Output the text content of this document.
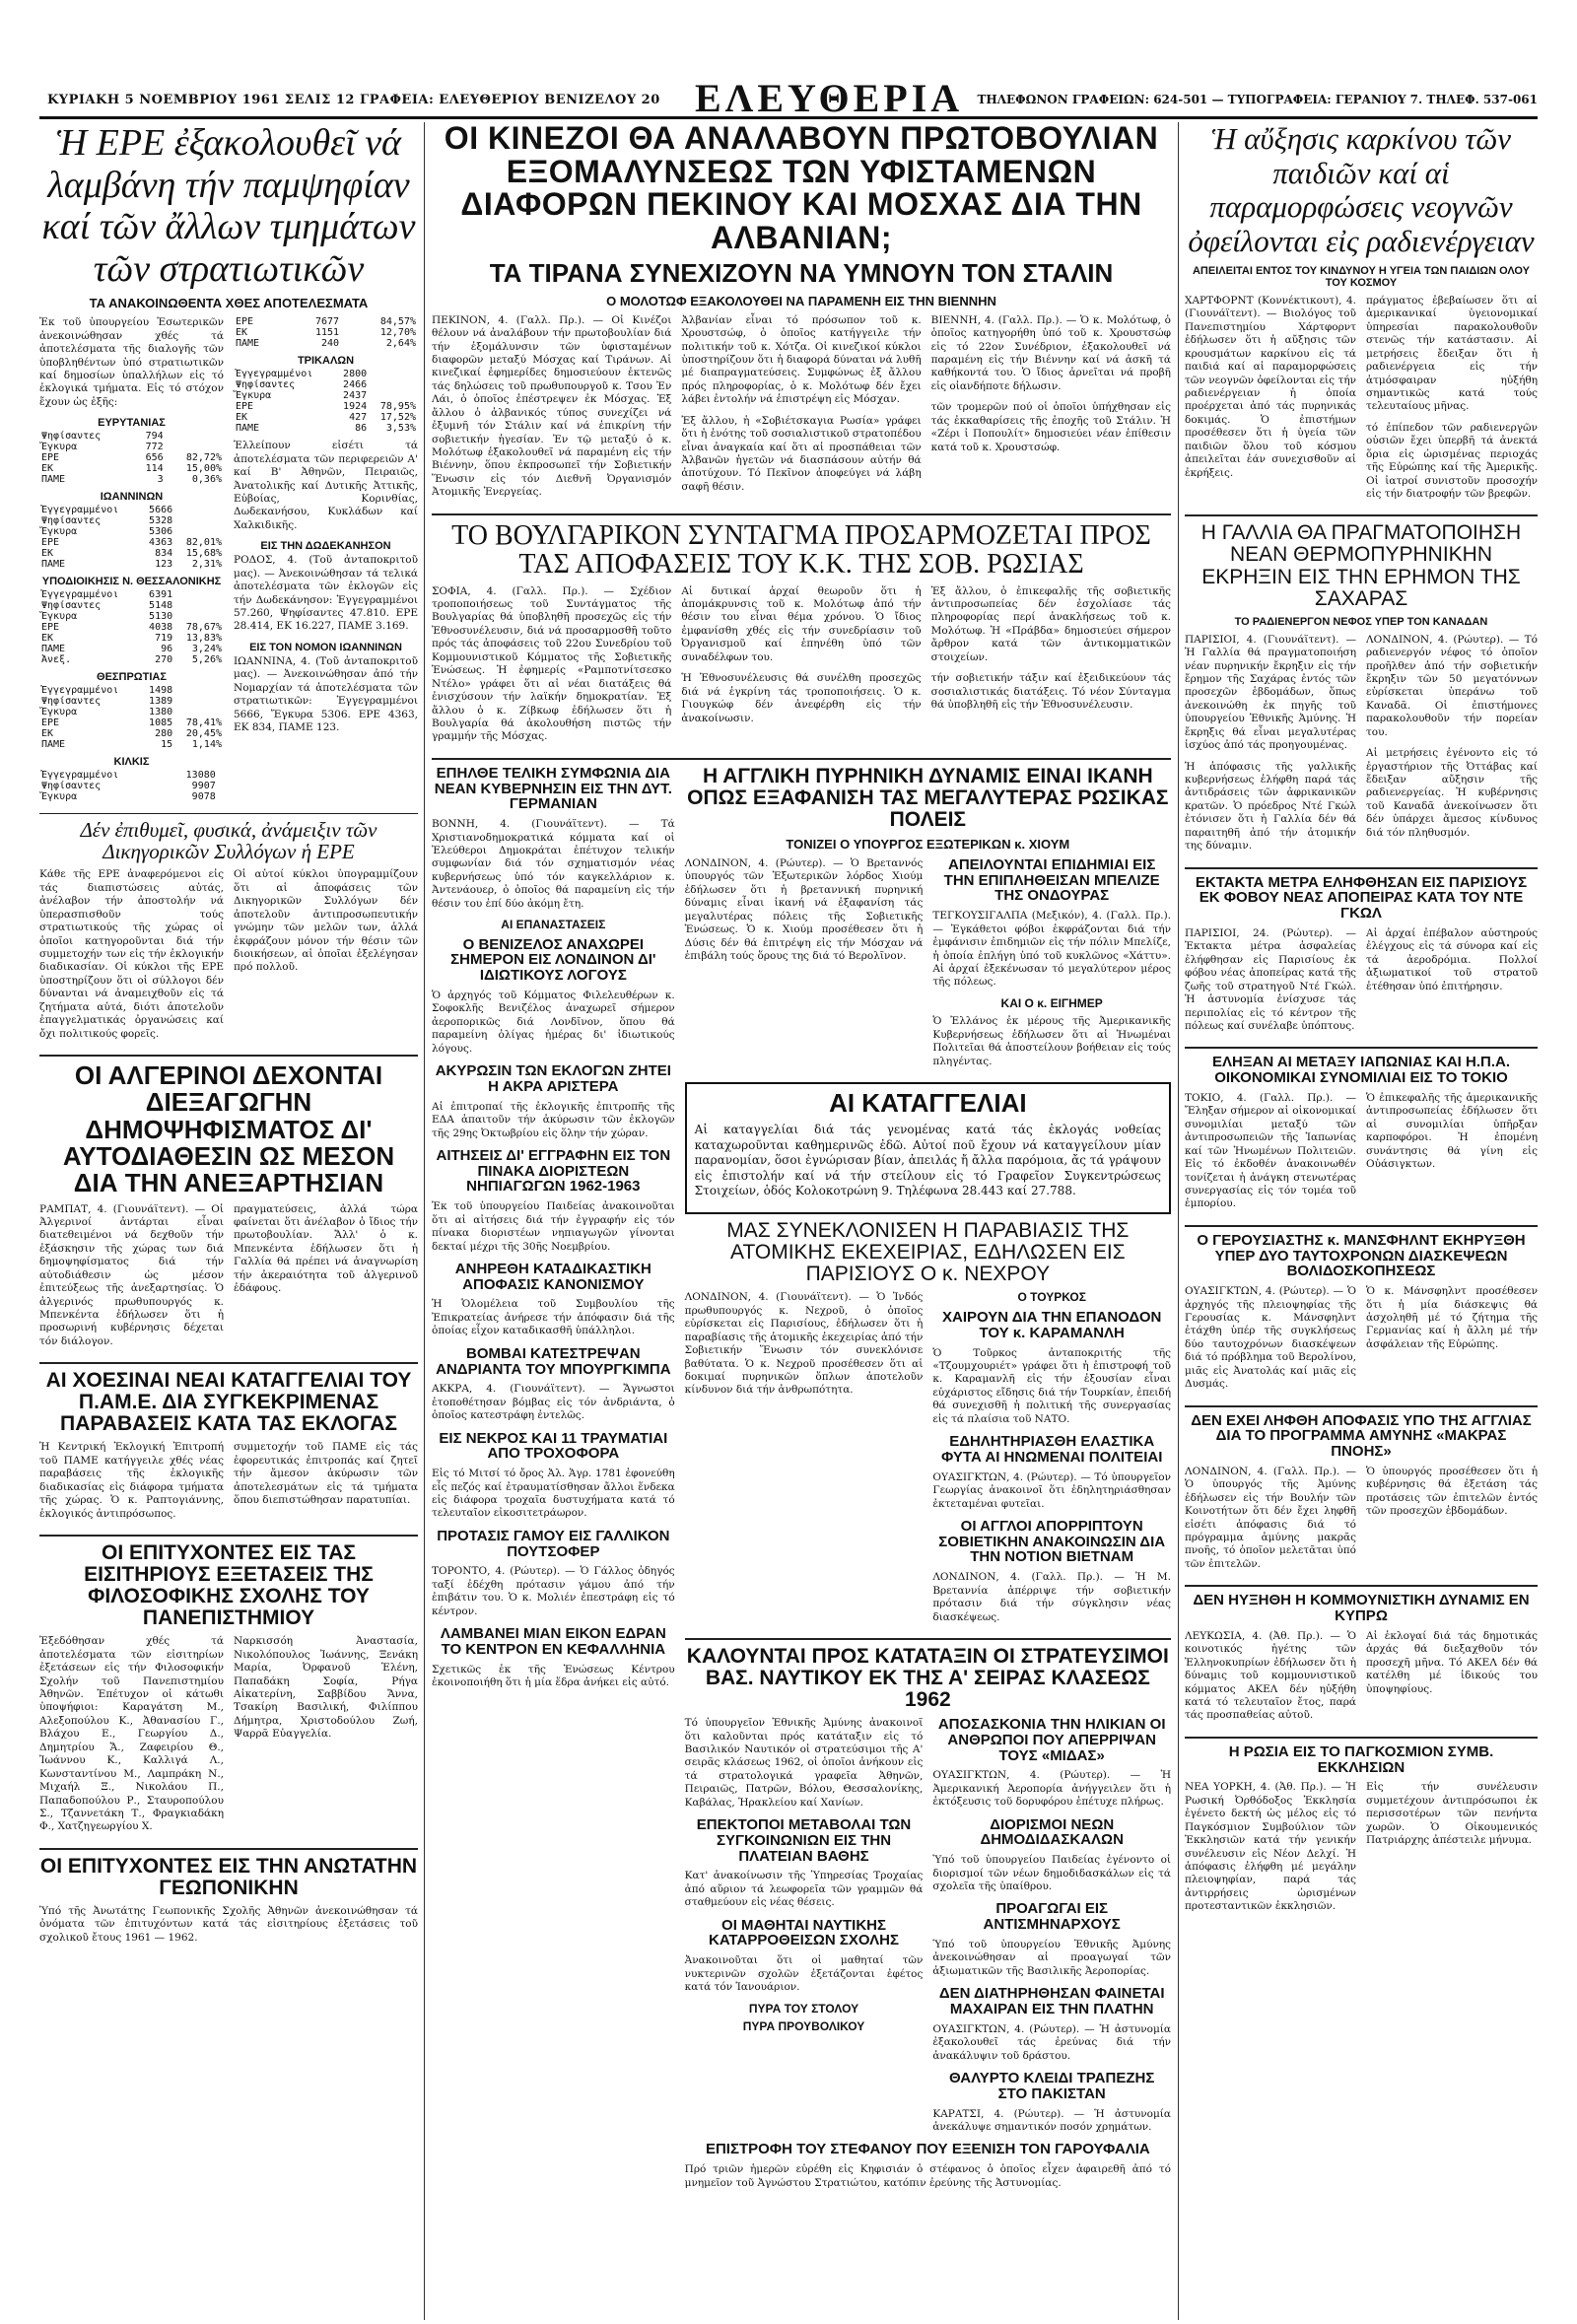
ΚΥΡΙΑΚΗ 5 ΝΟΕΜΒΡΙΟΥ 1961 ΣΕΛΙΣ 12 ΓΡΑΦΕΙΑ: ΕΛΕΥΘΕΡΙΟΥ ΒΕΝΙΖΕΛΟΥ 20 ΕΛΕΥΘΕΡΙΑ ΤΗΛΕΦΩΝΟΝ ΓΡΑΦΕΙΩΝ: 624-501 — ΤΥΠΟΓΡΑΦΕΙΑ: ΓΕΡΑΝΙΟΥ 7. ΤΗΛΕΦ. 537-061
Ἡ ΕΡΕ ἐξακολουθεῖ νά λαμβάνη τήν παμψηφίαν καί τῶν ἄλλων τμημάτων τῶν στρατιωτικῶν
ΤΑ ΑΝΑΚΟΙΝΩΘΕΝΤΑ ΧΘΕΣ ΑΠΟΤΕΛΕΣΜΑΤΑ

Ἐκ τοῦ ὑπουργείου Ἐσωτερικῶν ἀνεκοινώθησαν χθές τά ἀποτελέσματα τῆς διαλογῆς τῶν ὑποβληθέντων ὑπό στρατιωτικῶν καί δημοσίων ὑπαλλήλων εἰς τό ἐκλογικά τμήματα. Εἰς τό στόχον ἔχουν ὡς ἑξῆς:

ΕΥΡΥΤΑΝΙΑΣ
Ψηφίσαντες	794	
Ἔγκυρα	772	
ΕΡΕ	656	82,72%
ΕΚ	114	15,00%
ΠΑΜΕ	3	0,36%
ΙΩΑΝΝΙΝΩΝ
Ἐγγεγραμμένοι	5666	
Ψηφίσαντες	5328	
Ἔγκυρα	5306	
ΕΡΕ	4363	82,01%
ΕΚ	834	15,68%
ΠΑΜΕ	123	2,31%
ΥΠΟΔΙΟΙΚΗΣΙΣ Ν. ΘΕΣΣΑΛΟΝΙΚΗΣ
Ἐγγεγραμμένοι	6391	
Ψηφίσαντες	5148	
Ἔγκυρα	5130	
ΕΡΕ	4038	78,67%
ΕΚ	719	13,83%
ΠΑΜΕ	96	3,24%
Ἀνεξ.	270	5,26%
ΘΕΣΠΡΩΤΙΑΣ
Ἐγγεγραμμένοι	1498	
Ψηφίσαντες	1389	
Ἔγκυρα	1380	
ΕΡΕ	1085	78,41%
ΕΚ	280	20,45%
ΠΑΜΕ	15	1,14%
ΚΙΛΚΙΣ
Ἐγγεγραμμένοι	13080	
Ψηφίσαντες	9907	
Ἔγκυρα	9078	
ΕΡΕ	7677	84,57%
ΕΚ	1151	12,70%
ΠΑΜΕ	240	2,64%
ΤΡΙΚΑΛΩΝ
Ἐγγεγραμμένοι	2800	
Ψηφίσαντες	2466	
Ἔγκυρα	2437	
ΕΡΕ	1924	78,95%
ΕΚ	427	17,52%
ΠΑΜΕ	86	3,53%

Ἐλλείπουν εἰσέτι τά ἀποτελέσματα τῶν περιφερειῶν Α' καί Β' Ἀθηνῶν, Πειραιῶς, Ἀνατολικῆς καί Δυτικῆς Ἀττικῆς, Εὐβοίας, Κορινθίας, Δωδεκανήσου, Κυκλάδων καί Χαλκιδικῆς.

ΕΙΣ ΤΗΝ ΔΩΔΕΚΑΝΗΣΟΝ

ΡΟΔΟΣ, 4. (Τοῦ ἀνταποκριτοῦ μας). — Ἀνεκοινώθησαν τά τελικά ἀποτελέσματα τῶν ἐκλογῶν εἰς τήν Δωδεκάνησον: Ἐγγεγραμμένοι 57.260, Ψηφίσαντες 47.810. ΕΡΕ 28.414, ΕΚ 16.227, ΠΑΜΕ 3.169.

ΕΙΣ ΤΟΝ ΝΟΜΟΝ ΙΩΑΝΝΙΝΩΝ

ΙΩΑΝΝΙΝΑ, 4. (Τοῦ ἀνταποκριτοῦ μας). — Ἀνεκοινώθησαν ἀπό τήν Νομαρχίαν τά ἀποτελέσματα τῶν στρατιωτικῶν: Ἐγγεγραμμένοι 5666, Ἔγκυρα 5306. ΕΡΕ 4363, ΕΚ 834, ΠΑΜΕ 123.

Δέν ἐπιθυμεῖ, φυσικά, ἀνάμειξιν τῶν Δικηγορικῶν Συλλόγων ἡ ΕΡΕ

Κάθε τῆς ΕΡΕ ἀναφερόμενοι εἰς τάς διαπιστώσεις αὐτάς, ἀνέλαβον τήν ἀποστολήν νά ὑπερασπισθοῦν τούς στρατιωτικούς τῆς χώρας οἱ ὁποῖοι κατηγοροῦνται διά τήν συμμετοχήν των εἰς τήν ἐκλογικήν διαδικασίαν. Οἱ κύκλοι τῆς ΕΡΕ ὑποστηρίζουν ὅτι οἱ σύλλογοι δέν δύνανται νά ἀναμειχθοῦν εἰς τά ζητήματα αὐτά, διότι ἀποτελοῦν ἐπαγγελματικάς ὀργανώσεις καί ὄχι πολιτικούς φορεῖς.

Οἱ αὐτοί κύκλοι ὑπογραμμίζουν ὅτι αἱ ἀποφάσεις τῶν Δικηγορικῶν Συλλόγων δέν ἀποτελοῦν ἀντιπροσωπευτικήν γνώμην τῶν μελῶν των, ἀλλά ἐκφράζουν μόνον τήν θέσιν τῶν διοικήσεων, αἱ ὁποῖαι ἐξελέγησαν πρό πολλοῦ.

ΟΙ ΑΛΓΕΡΙΝΟΙ ΔΕΧΟΝΤΑΙ ΔΙΕΞΑΓΩΓΗΝ ΔΗΜΟΨΗΦΙΣΜΑΤΟΣ ΔΙ' ΑΥΤΟΔΙΑΘΕΣΙΝ ΩΣ ΜΕΣΟΝ ΔΙΑ ΤΗΝ ΑΝΕΞΑΡΤΗΣΙΑΝ

ΡΑΜΠΑΤ, 4. (Γιουνάϊτεντ). — Οἱ Ἀλγερινοί ἀντάρται εἶναι διατεθειμένοι νά δεχθοῦν τήν ἐξάσκησιν τῆς χώρας των διά δημοψηφίσματος διά τήν αὐτοδιάθεσιν ὡς μέσον ἐπιτεύξεως τῆς ἀνεξαρτησίας. Ὁ ἀλγερινός πρωθυπουργός κ. Μπενκέντα ἐδήλωσεν ὅτι ἡ προσωρινή κυβέρνησις δέχεται τόν διάλογον.

πραγματεύσεις, ἀλλά τώρα φαίνεται ὅτι ἀνέλαβον ὁ ἴδιος τήν πρωτοβουλίαν. Ἄλλ' ὁ κ. Μπενκέντα ἐδήλωσεν ὅτι ἡ Γαλλία θά πρέπει νά ἀναγνωρίση τήν ἀκεραιότητα τοῦ ἀλγερινοῦ ἐδάφους.

ΑΙ ΧΟΕΣΙΝΑΙ ΝΕΑΙ ΚΑΤΑΓΓΕΛΙΑΙ ΤΟΥ Π.ΑΜ.Ε. ΔΙΑ ΣΥΓΚΕΚΡΙΜΕΝΑΣ ΠΑΡΑΒΑΣΕΙΣ ΚΑΤΑ ΤΑΣ ΕΚΛΟΓΑΣ

Ἡ Κεντρική Ἐκλογική Ἐπιτροπή τοῦ ΠΑΜΕ κατήγγειλε χθές νέας παραβάσεις τῆς ἐκλογικῆς διαδικασίας εἰς διάφορα τμήματα τῆς χώρας. Ὁ κ. Ραπτογιάννης, ἐκλογικός ἀντιπρόσωπος.

συμμετοχήν τοῦ ΠΑΜΕ εἰς τάς ἐφορευτικάς ἐπιτροπάς καί ζητεῖ τήν ἄμεσον ἀκύρωσιν τῶν ἀποτελεσμάτων εἰς τά τμήματα ὅπου διεπιστώθησαν παρατυπίαι.

ΟΙ ΕΠΙΤΥΧΟΝΤΕΣ ΕΙΣ ΤΑΣ ΕΙΣΙΤΗΡΙΟΥΣ ΕΞΕΤΑΣΕΙΣ ΤΗΣ ΦΙΛΟΣΟΦΙΚΗΣ ΣΧΟΛΗΣ ΤΟΥ ΠΑΝΕΠΙΣΤΗΜΙΟΥ

Ἐξεδόθησαν χθές τά ἀποτελέσματα τῶν εἰσιτηρίων ἐξετάσεων εἰς τήν Φιλοσοφικήν Σχολήν τοῦ Πανεπιστημίου Ἀθηνῶν. Ἐπέτυχον οἱ κάτωθι ὑποψήφιοι: Καραγάτση Μ., Αλεξοπούλου Κ., Ἀθανασίου Γ., Βλάχου Ε., Γεωργίου Δ., Δημητρίου Ἄ., Ζαφειρίου Θ., Ἰωάννου Κ., Καλλιγά Λ., Κωνσταντίνου Μ., Λαμπράκη Ν., Μιχαήλ Ξ., Νικολάου Π., Παπαδοπούλου Ρ., Σταυροπούλου Σ., Τζαννετάκη Τ., Φραγκιαδάκη Φ., Χατζηγεωργίου Χ.

Ναρκισσόη Ἀναστασία, Νικολόπουλος Ἰωάννης, Ξενάκη Μαρία, Ὀρφανοῦ Ἑλένη, Παπαδάκη Σοφία, Ρήγα Αἰκατερίνη, Σαββίδου Ἄννα, Τσακίρη Βασιλική, Φιλίππου Δήμητρα, Χριστοδούλου Ζωή, Ψαρρᾶ Εὐαγγελία.

ΟΙ ΕΠΙΤΥΧΟΝΤΕΣ ΕΙΣ ΤΗΝ ΑΝΩΤΑΤΗΝ ΓΕΩΠΟΝΙΚΗΝ

Ὑπό τῆς Ἀνωτάτης Γεωπονικῆς Σχολῆς Ἀθηνῶν ἀνεκοινώθησαν τά ὀνόματα τῶν ἐπιτυχόντων κατά τάς εἰσιτηρίους ἐξετάσεις τοῦ σχολικοῦ ἔτους 1961 — 1962.

ΟΙ ΚΙΝΕΖΟΙ ΘΑ ΑΝΑΛΑΒΟΥΝ ΠΡΩΤΟΒΟΥΛΙΑΝ ΕΞΟΜΑΛΥΝΣΕΩΣ ΤΩΝ ΥΦΙΣΤΑΜΕΝΩΝ ΔΙΑΦΟΡΩΝ ΠΕΚΙΝΟΥ ΚΑΙ ΜΟΣΧΑΣ ΔΙΑ ΤΗΝ ΑΛΒΑΝΙΑΝ;
ΤΑ ΤΙΡΑΝΑ ΣΥΝΕΧΙΖΟΥΝ ΝΑ ΥΜΝΟΥΝ ΤΟΝ ΣΤΑΛΙΝ
Ο ΜΟΛΟΤΩΦ ΕΞΑΚΟΛΟΥΘΕΙ ΝΑ ΠΑΡΑΜΕΝΗ ΕΙΣ ΤΗΝ ΒΙΕΝΝΗΝ

ΠΕΚΙΝΟΝ, 4. (Γαλλ. Πρ.). — Οἱ Κινέζοι θέλουν νά ἀναλάβουν τήν πρωτοβουλίαν διά τήν ἐξομάλυνσιν τῶν ὑφισταμένων διαφορῶν μεταξύ Μόσχας καί Τιράνων. Αἱ κινεζικαί ἐφημερίδες δημοσιεύουν ἐκτενῶς τάς δηλώσεις τοῦ πρωθυπουργοῦ κ. Τσου Ἐν Λάι, ὁ ὁποῖος ἐπέστρεψεν ἐκ Μόσχας. Ἐξ ἄλλου ὁ ἀλβανικός τύπος συνεχίζει νά ἐξυμνῆ τόν Στάλιν καί νά ἐπικρίνη τήν σοβιετικήν ἡγεσίαν. Ἐν τῷ μεταξύ ὁ κ. Μολότωφ ἐξακολουθεῖ νά παραμένη εἰς τήν Βιέννην, ὅπου ἐκπροσωπεῖ τήν Σοβιετικήν Ἕνωσιν εἰς τόν Διεθνῆ Ὀργανισμόν Ἀτομικῆς Ἐνεργείας.

Ἀλβανίαν εἶναι τό πρόσωπον τοῦ κ. Χρουστσώφ, ὁ ὁποῖος κατήγγειλε τήν πολιτικήν τοῦ κ. Χότζα. Οἱ κινεζικοί κύκλοι ὑποστηρίζουν ὅτι ἡ διαφορά δύναται νά λυθῆ μέ διαπραγματεύσεις. Συμφώνως ἐξ ἄλλου πρός πληροφορίας, ὁ κ. Μολότωφ δέν ἔχει λάβει ἐντολήν νά ἐπιστρέψη εἰς Μόσχαν.

Ἐξ ἄλλου, ἡ «Σοβιέτσκαγια Ρωσία» γράφει ὅτι ἡ ἑνότης τοῦ σοσιαλιστικοῦ στρατοπέδου εἶναι ἀναγκαία καί ὅτι αἱ προσπάθειαι τῶν Ἀλβανῶν ἡγετῶν νά διασπάσουν αὐτήν θά ἀποτύχουν. Τό Πεκῖνον ἀποφεύγει νά λάβη σαφῆ θέσιν.

ΒΙΕΝΝΗ, 4. (Γαλλ. Πρ.). — Ὁ κ. Μολότωφ, ὁ ὁποῖος κατηγορήθη ὑπό τοῦ κ. Χρουστσώφ εἰς τό 22ον Συνέδριον, ἐξακολουθεῖ νά παραμένη εἰς τήν Βιέννην καί νά ἀσκῆ τά καθήκοντά του. Ὁ ἴδιος ἀρνεῖται νά προβῆ εἰς οἱανδήποτε δήλωσιν.

τῶν τρομερῶν πού οἱ ὁποῖοι ὑπήχθησαν εἰς τάς ἐκκαθαρίσεις τῆς ἐποχῆς τοῦ Στάλιν. Ἡ «Ζέρι ἰ Ποπουλίτ» δημοσιεύει νέαν ἐπίθεσιν κατά τοῦ κ. Χρουστσώφ.

ΤΟ ΒΟΥΛΓΑΡΙΚΟΝ ΣΥΝΤΑΓΜΑ ΠΡΟΣΑΡΜΟΖΕΤΑΙ ΠΡΟΣ ΤΑΣ ΑΠΟΦΑΣΕΙΣ ΤΟΥ Κ.Κ. ΤΗΣ ΣΟΒ. ΡΩΣΙΑΣ

ΣΟΦΙΑ, 4. (Γαλλ. Πρ.). — Σχέδιον τροποποιήσεως τοῦ Συντάγματος τῆς Βουλγαρίας θά ὑποβληθῆ προσεχῶς εἰς τήν Ἐθνοσυνέλευσιν, διά νά προσαρμοσθῆ τοῦτο πρός τάς ἀποφάσεις τοῦ 22ου Συνεδρίου τοῦ Κομμουνιστικοῦ Κόμματος τῆς Σοβιετικῆς Ἑνώσεως. Ἡ ἐφημερίς «Ραμποτνίτσεσκο Ντέλο» γράφει ὅτι αἱ νέαι διατάξεις θά ἐνισχύσουν τήν λαϊκήν δημοκρατίαν. Ἐξ ἄλλου ὁ κ. Ζίβκωφ ἐδήλωσεν ὅτι ἡ Βουλγαρία θά ἀκολουθήση πιστῶς τήν γραμμήν τῆς Μόσχας.

Αἱ δυτικαί ἀρχαί θεωροῦν ὅτι ἡ ἀπομάκρυνσις τοῦ κ. Μολότωφ ἀπό τήν θέσιν του εἶναι θέμα χρόνου. Ὁ ἴδιος ἐμφανίσθη χθές εἰς τήν συνεδρίασιν τοῦ Ὀργανισμοῦ καί ἐπηνέθη ὑπό τῶν συναδέλφων του.

Ἡ Ἐθνοσυνέλευσις θά συνέλθη προσεχῶς διά νά ἐγκρίνη τάς τροποποιήσεις. Ὁ κ. Γιουγκώφ δέν ἀνεφέρθη εἰς τήν ἀνακοίνωσιν.

Ἐξ ἄλλου, ὁ ἐπικεφαλῆς τῆς σοβιετικῆς ἀντιπροσωπείας δέν ἐσχολίασε τάς πληροφορίας περί ἀνακλήσεως τοῦ κ. Μολότωφ. Ἡ «Πράβδα» δημοσιεύει σήμερον ἄρθρον κατά τῶν ἀντικομματικῶν στοιχείων.

τήν σοβιετικήν τάξιν καί ἐξειδικεύουν τάς σοσιαλιστικάς διατάξεις. Τό νέον Σύνταγμα θά ὑποβληθῆ εἰς τήν Ἐθνοσυνέλευσιν.

ΕΠΗΛΘΕ ΤΕΛΙΚΗ ΣΥΜΦΩΝΙΑ ΔΙΑ ΝΕΑΝ ΚΥΒΕΡΝΗΣΙΝ ΕΙΣ ΤΗΝ ΔΥΤ. ΓΕΡΜΑΝΙΑΝ

ΒΟΝΝΗ, 4. (Γιουνάϊτεντ). — Τά Χριστιανοδημοκρατικά κόμματα καί οἱ Ἐλεύθεροι Δημοκράται ἐπέτυχον τελικήν συμφωνίαν διά τόν σχηματισμόν νέας κυβερνήσεως ὑπό τόν καγκελλάριον κ. Ἀντενάουερ, ὁ ὁποῖος θά παραμείνη εἰς τήν θέσιν του ἐπί δύο ἀκόμη ἔτη.

ΑΙ ΕΠΑΝΑΣΤΑΣΕΙΣ
Ο ΒΕΝΙΖΕΛΟΣ ΑΝΑΧΩΡΕΙ ΣΗΜΕΡΟΝ ΕΙΣ ΛΟΝΔΙΝΟΝ ΔΙ' ΙΔΙΩΤΙΚΟΥΣ ΛΟΓΟΥΣ

Ὁ ἀρχηγός τοῦ Κόμματος Φιλελευθέρων κ. Σοφοκλῆς Βενιζέλος ἀναχωρεῖ σήμερον ἀεροπορικῶς διά Λονδῖνον, ὅπου θά παραμείνη ὀλίγας ἡμέρας δι' ἰδιωτικούς λόγους.

ΑΚΥΡΩΣΙΝ ΤΩΝ ΕΚΛΟΓΩΝ ΖΗΤΕΙ Η ΑΚΡΑ ΑΡΙΣΤΕΡΑ

Αἱ ἐπιτροπαί τῆς ἐκλογικῆς ἐπιτροπῆς τῆς ΕΔΑ ἀπαιτοῦν τήν ἀκύρωσιν τῶν ἐκλογῶν τῆς 29ης Ὀκτωβρίου εἰς ὅλην τήν χώραν.

ΑΙΤΗΣΕΙΣ ΔΙ' ΕΓΓΡΑΦΗΝ ΕΙΣ ΤΟΝ ΠΙΝΑΚΑ ΔΙΟΡΙΣΤΕΩΝ ΝΗΠΙΑΓΩΓΩΝ 1962-1963

Ἐκ τοῦ ὑπουργείου Παιδείας ἀνακοινοῦται ὅτι αἱ αἰτήσεις διά τήν ἐγγραφήν εἰς τόν πίνακα διοριστέων νηπιαγωγῶν γίνονται δεκταί μέχρι τῆς 30ῆς Νοεμβρίου.

ΑΝΗΡΕΘΗ ΚΑΤΑΔΙΚΑΣΤΙΚΗ ΑΠΟΦΑΣΙΣ ΚΑΝΟΝΙΣΜΟΥ

Ἡ Ὁλομέλεια τοῦ Συμβουλίου τῆς Ἐπικρατείας ἀνήρεσε τήν ἀπόφασιν διά τῆς ὁποίας εἶχον καταδικασθῆ ὑπάλληλοι.

ΒΟΜΒΑΙ ΚΑΤΕΣΤΡΕΨΑΝ ΑΝΔΡΙΑΝΤΑ ΤΟΥ ΜΠΟΥΡΓΚΙΜΠΑ

ΑΚΚΡΑ, 4. (Γιουνάϊτεντ). — Ἄγνωστοι ἐτοποθέτησαν βόμβας εἰς τόν ἀνδριάντα, ὁ ὁποῖος κατεστράφη ἐντελῶς.

ΕΙΣ ΝΕΚΡΟΣ ΚΑΙ 11 ΤΡΑΥΜΑΤΙΑΙ ΑΠΟ ΤΡΟΧΟΦΟΡΑ

Εἰς τό Μιτσί τό ὄρος Ἀλ. Ἁγρ. 1781 ἐφονεύθη εἷς πεζός καί ἐτραυματίσθησαν ἄλλοι ἕνδεκα εἰς διάφορα τροχαῖα δυστυχήματα κατά τό τελευταῖον εἰκοσιτετράωρον.

ΠΡΟΤΑΣΙΣ ΓΑΜΟΥ ΕΙΣ ΓΑΛΛΙΚΟΝ ΠΟΥΤΣΟΦΕΡ

ΤΟΡΟΝΤΟ, 4. (Ρώυτερ). — Ὁ Γάλλος ὁδηγός ταξί ἐδέχθη πρότασιν γάμου ἀπό τήν ἐπιβάτιν του. Ὁ κ. Μολιέν ἐπεστράφη εἰς τό κέντρον.

ΛΑΜΒΑΝΕΙ ΜΙΑΝ ΕΙΚΟΝ ΕΔΡΑΝ ΤΟ ΚΕΝΤΡΟΝ ΕΝ ΚΕΦΑΛΛΗΝΙΑ

Σχετικῶς ἐκ τῆς Ἑνώσεως Κέντρου ἐκοινοποιήθη ὅτι ἡ μία ἕδρα ἀνήκει εἰς αὐτό.

Η ΑΓΓΛΙΚΗ ΠΥΡΗΝΙΚΗ ΔΥΝΑΜΙΣ ΕΙΝΑΙ ΙΚΑΝΗ ΟΠΩΣ ΕΞΑΦΑΝΙΣΗ ΤΑΣ ΜΕΓΑΛΥΤΕΡΑΣ ΡΩΣΙΚΑΣ ΠΟΛΕΙΣ
ΤΟΝΙΖΕΙ Ο ΥΠΟΥΡΓΟΣ ΕΞΩΤΕΡΙΚΩΝ κ. ΧΙΟΥΜ

ΛΟΝΔΙΝΟΝ, 4. (Ρώυτερ). — Ὁ Βρεταννός ὑπουργός τῶν Ἐξωτερικῶν λόρδος Χιούμ ἐδήλωσεν ὅτι ἡ βρεταννική πυρηνική δύναμις εἶναι ἱκανή νά ἐξαφανίση τάς μεγαλυτέρας πόλεις τῆς Σοβιετικῆς Ἑνώσεως. Ὁ κ. Χιούμ προσέθεσεν ὅτι ἡ Δύσις δέν θά ἐπιτρέψη εἰς τήν Μόσχαν νά ἐπιβάλη τούς ὅρους της διά τό Βερολῖνον.

ΑΠΕΙΛΟΥΝΤΑΙ ΕΠΙΔΗΜΙΑΙ ΕΙΣ ΤΗΝ ΕΠΙΠΛΗΘΕΙΣΑΝ ΜΠΕΛΙΖΕ ΤΗΣ ΟΝΔΟΥΡΑΣ

ΤΕΓΚΟΥΣΙΓΑΛΠΑ (Μεξικόν), 4. (Γαλλ. Πρ.). — Ἐγκάθετοι φόβοι ἐκφράζονται διά τήν ἐμφάνισιν ἐπιδημιῶν εἰς τήν πόλιν Μπελίζε, ἡ ὁποία ἐπλήγη ὑπό τοῦ κυκλῶνος «Χάττυ». Αἱ ἀρχαί ἐξεκένωσαν τό μεγαλύτερον μέρος τῆς πόλεως.

ΚΑΙ Ο κ. ΕΙΓΗΜΕΡ

Ὁ Ἐλλάνος ἐκ μέρους τῆς Ἀμερικανικῆς Κυβερνήσεως ἐδήλωσεν ὅτι αἱ Ἡνωμέναι Πολιτεῖαι θά ἀποστείλουν βοήθειαν εἰς τούς πληγέντας.

ΑΙ ΚΑΤΑΓΓΕΛΙΑΙ

Αἱ καταγγελίαι διά τάς γενομένας κατά τάς ἐκλογάς νοθείας καταχωροῦνται καθημερινῶς ἐδῶ. Αὐτοί ποῦ ἔχουν νά καταγγείλουν μίαν παρανομίαν, ὅσοι ἐγνώρισαν βίαν, ἀπειλάς ἤ ἄλλα παρόμοια, ἄς τά γράψουν εἰς ἐπιστολήν καί νά τήν στείλουν εἰς τό Γραφεῖον Συγκεντρώσεως Στοιχείων, ὁδός Κολοκοτρώνη 9. Τηλέφωνα 28.443 καί 27.788.

ΜΑΣ ΣΥΝΕΚΛΟΝΙΣΕΝ Η ΠΑΡΑΒΙΑΣΙΣ ΤΗΣ ΑΤΟΜΙΚΗΣ ΕΚΕΧΕΙΡΙΑΣ, ΕΔΗΛΩΣΕΝ ΕΙΣ ΠΑΡΙΣΙΟΥΣ Ο κ. ΝΕΧΡΟΥ

ΛΟΝΔΙΝΟΝ, 4. (Γιουνάϊτεντ). — Ὁ Ἰνδός πρωθυπουργός κ. Νεχροῦ, ὁ ὁποῖος εὑρίσκεται εἰς Παρισίους, ἐδήλωσεν ὅτι ἡ παραβίασις τῆς ἀτομικῆς ἐκεχειρίας ἀπό τήν Σοβιετικήν Ἕνωσιν τόν συνεκλόνισε βαθύτατα. Ὁ κ. Νεχροῦ προσέθεσεν ὅτι αἱ δοκιμαί πυρηνικῶν ὅπλων ἀποτελοῦν κίνδυνον διά τήν ἀνθρωπότητα.

Ο ΤΟΥΡΚΟΣ
ΧΑΙΡΟΥΝ ΔΙΑ ΤΗΝ ΕΠΑΝΟΔΟΝ ΤΟΥ κ. ΚΑΡΑΜΑΝΛΗ

Ὁ Τοῦρκος ἀνταποκριτής τῆς «Τζουμχουριέτ» γράφει ὅτι ἡ ἐπιστροφή τοῦ κ. Καραμανλῆ εἰς τήν ἐξουσίαν εἶναι εὐχάριστος εἴδησις διά τήν Τουρκίαν, ἐπειδή θά συνεχισθῆ ἡ πολιτική τῆς συνεργασίας εἰς τά πλαίσια τοῦ ΝΑΤΟ.

ΕΔΗΛΗΤΗΡΙΑΣΘΗ ΕΛΑΣΤΙΚΑ ΦΥΤΑ ΑΙ ΗΝΩΜΕΝΑΙ ΠΟΛΙΤΕΙΑΙ

ΟΥΑΣΙΓΚΤΩΝ, 4. (Ρώυτερ). — Τό ὑπουργεῖον Γεωργίας ἀνακοινοῖ ὅτι ἐδηλητηριάσθησαν ἐκτεταμέναι φυτεῖαι.

ΟΙ ΑΓΓΛΟΙ ΑΠΟΡΡΙΠΤΟΥΝ ΣΟΒΙΕΤΙΚΗΝ ΑΝΑΚΟΙΝΩΣΙΝ ΔΙΑ ΤΗΝ ΝΟΤΙΟΝ ΒΙΕΤΝΑΜ

ΛΟΝΔΙΝΟΝ, 4. (Γαλλ. Πρ.). — Ἡ Μ. Βρεταννία ἀπέρριψε τήν σοβιετικήν πρότασιν διά τήν σύγκλησιν νέας διασκέψεως.

ΚΑΛΟΥΝΤΑΙ ΠΡΟΣ ΚΑΤΑΤΑΞΙΝ ΟΙ ΣΤΡΑΤΕΥΣΙΜΟΙ ΒΑΣ. ΝΑΥΤΙΚΟΥ ΕΚ ΤΗΣ Α' ΣΕΙΡΑΣ ΚΛΑΣΕΩΣ 1962

Τό ὑπουργεῖον Ἐθνικῆς Ἀμύνης ἀνακοινοῖ ὅτι καλοῦνται πρός κατάταξιν εἰς τό Βασιλικόν Ναυτικόν οἱ στρατεύσιμοι τῆς Α' σειρᾶς κλάσεως 1962, οἱ ὁποῖοι ἀνήκουν εἰς τά στρατολογικά γραφεῖα Ἀθηνῶν, Πειραιῶς, Πατρῶν, Βόλου, Θεσσαλονίκης, Καβάλας, Ἡρακλείου καί Χανίων.

ΕΠΕΚΤΟΠΟΙ ΜΕΤΑΒΟΛΑΙ ΤΩΝ ΣΥΓΚΟΙΝΩΝΙΩΝ ΕΙΣ ΤΗΝ ΠΛΑΤΕΙΑΝ ΒΑΘΗΣ

Κατ' ἀνακοίνωσιν τῆς Ὑπηρεσίας Τροχαίας ἀπό αὔριον τά λεωφορεῖα τῶν γραμμῶν θά σταθμεύουν εἰς νέας θέσεις.

ΟΙ ΜΑΘΗΤΑΙ ΝΑΥΤΙΚΗΣ ΚΑΤΑΡΡΟΘΕΙΣΩΝ ΣΧΟΛΗΣ

Ἀνακοινοῦται ὅτι οἱ μαθηταί τῶν νυκτερινῶν σχολῶν ἐξετάζονται ἐφέτος κατά τόν Ἰανουάριον.

ΠΥΡΑ ΤΟΥ ΣΤΟΛΟΥ
ΠΥΡΑ ΠΡΟΥΒΟΛΙΚΟΥ
ΑΠΟΣΑΣΚΟΝΙΑ ΤΗΝ ΗΛΙΚΙΑΝ ΟΙ ΑΝΘΡΩΠΟΙ ΠΟΥ ΑΠΕΡΡΙΨΑΝ ΤΟΥΣ «ΜΙΔΑΣ»

ΟΥΑΣΙΓΚΤΩΝ, 4. (Ρώυτερ). — Ἡ Ἀμερικανική Ἀεροπορία ἀνήγγειλεν ὅτι ἡ ἐκτόξευσις τοῦ δορυφόρου ἐπέτυχε πλήρως.

ΔΙΟΡΙΣΜΟΙ ΝΕΩΝ ΔΗΜΟΔΙΔΑΣΚΑΛΩΝ

Ὑπό τοῦ ὑπουργείου Παιδείας ἐγένοντο οἱ διορισμοί τῶν νέων δημοδιδασκάλων εἰς τά σχολεῖα τῆς ὑπαίθρου.

ΠΡΟΑΓΩΓΑΙ ΕΙΣ ΑΝΤΙΣΜΗΝΑΡΧΟΥΣ

Ὑπό τοῦ ὑπουργείου Ἐθνικῆς Ἀμύνης ἀνεκοινώθησαν αἱ προαγωγαί τῶν ἀξιωματικῶν τῆς Βασιλικῆς Ἀεροπορίας.

ΔΕΝ ΔΙΑΤΗΡΗΘΗΣΑΝ ΦΑΙΝΕΤΑΙ ΜΑΧΑΙΡΑΝ ΕΙΣ ΤΗΝ ΠΛΑΤΗΝ

ΟΥΑΣΙΓΚΤΩΝ, 4. (Ρώυτερ). — Ἡ ἀστυνομία ἐξακολουθεῖ τάς ἐρεύνας διά τήν ἀνακάλυψιν τοῦ δράστου.

ΘΑΛΥΡΤΟ ΚΛΕΙΔΙ ΤΡΑΠΕΖΗΣ ΣΤΟ ΠΑΚΙΣΤΑΝ

ΚΑΡΑΤΣΙ, 4. (Ρώυτερ). — Ἡ ἀστυνομία ἀνεκάλυψε σημαντικόν ποσόν χρημάτων.

ΕΠΙΣΤΡΟΦΗ ΤΟΥ ΣΤΕΦΑΝΟΥ ΠΟΥ ΕΞΕΝΙΣΗ ΤΟΝ ΓΑΡΟΥΦΑΛΙΑ

Πρό τριῶν ἡμερῶν εὑρέθη εἰς Κηφισιάν ὁ στέφανος ὁ ὁποῖος εἶχεν ἀφαιρεθῆ ἀπό τό μνημεῖον τοῦ Ἀγνώστου Στρατιώτου, κατόπιν ἐρεύνης τῆς Ἀστυνομίας.

Ἡ αὔξησις καρκίνου τῶν παιδιῶν καί αἱ παραμορφώσεις νεογνῶν ὀφείλονται εἰς ραδιενέργειαν
ΑΠΕΙΛΕΙΤΑΙ ΕΝΤΟΣ ΤΟΥ ΚΙΝΔΥΝΟΥ Η ΥΓΕΙΑ ΤΩΝ ΠΑΙΔΙΩΝ ΟΛΟΥ ΤΟΥ ΚΟΣΜΟΥ

ΧΑΡΤΦΟΡΝΤ (Κοννέκτικουτ), 4. (Γιουνάϊτεντ). — Βιολόγος τοῦ Πανεπιστημίου Χάρτφορντ ἐδήλωσεν ὅτι ἡ αὔξησις τῶν κρουσμάτων καρκίνου εἰς τά παιδιά καί αἱ παραμορφώσεις τῶν νεογνῶν ὀφείλονται εἰς τήν ραδιενέργειαν ἡ ὁποία προέρχεται ἀπό τάς πυρηνικάς δοκιμάς. Ὁ ἐπιστήμων προσέθεσεν ὅτι ἡ ὑγεία τῶν παιδιῶν ὅλου τοῦ κόσμου ἀπειλεῖται ἐάν συνεχισθοῦν αἱ ἐκρήξεις.

πράγματος ἐβεβαίωσεν ὅτι αἱ ἀμερικανικαί ὑγειονομικαί ὑπηρεσίαι παρακολουθοῦν στενῶς τήν κατάστασιν. Αἱ μετρήσεις ἔδειξαν ὅτι ἡ ραδιενέργεια εἰς τήν ἀτμόσφαιραν ηὐξήθη σημαντικῶς κατά τούς τελευταίους μῆνας.

τό ἐπίπεδον τῶν ραδιενεργῶν οὐσιῶν ἔχει ὑπερβῆ τά ἀνεκτά ὅρια εἰς ὡρισμένας περιοχάς τῆς Εὐρώπης καί τῆς Ἀμερικῆς. Οἱ ἰατροί συνιστοῦν προσοχήν εἰς τήν διατροφήν τῶν βρεφῶν.

Η ΓΑΛΛΙΑ ΘΑ ΠΡΑΓΜΑΤΟΠΟΙΗΣΗ ΝΕΑΝ ΘΕΡΜΟΠΥΡΗΝΙΚΗΝ ΕΚΡΗΞΙΝ ΕΙΣ ΤΗΝ ΕΡΗΜΟΝ ΤΗΣ ΣΑΧΑΡΑΣ
ΤΟ ΡΑΔΙΕΝΕΡΓΟΝ ΝΕΦΟΣ ΥΠΕΡ ΤΟΝ ΚΑΝΑΔΑΝ

ΠΑΡΙΣΙΟΙ, 4. (Γιουνάϊτεντ). — Ἡ Γαλλία θά πραγματοποιήση νέαν πυρηνικήν ἔκρηξιν εἰς τήν ἔρημον τῆς Σαχάρας ἐντός τῶν προσεχῶν ἑβδομάδων, ὅπως ἀνεκοινώθη ἐκ πηγῆς τοῦ ὑπουργείου Ἐθνικῆς Ἀμύνης. Ἡ ἔκρηξις θά εἶναι μεγαλυτέρας ἰσχύος ἀπό τάς προηγουμένας.

Ἡ ἀπόφασις τῆς γαλλικῆς κυβερνήσεως ἐλήφθη παρά τάς ἀντιδράσεις τῶν ἀφρικανικῶν κρατῶν. Ὁ πρόεδρος Ντέ Γκώλ ἐτόνισεν ὅτι ἡ Γαλλία δέν θά παραιτηθῆ ἀπό τήν ἀτομικήν της δύναμιν.

ΛΟΝΔΙΝΟΝ, 4. (Ρώυτερ). — Τό ραδιενεργόν νέφος τό ὁποῖον προῆλθεν ἀπό τήν σοβιετικήν ἔκρηξιν τῶν 50 μεγατόννων εὑρίσκεται ὑπεράνω τοῦ Καναδᾶ. Οἱ ἐπιστήμονες παρακολουθοῦν τήν πορείαν του.

Αἱ μετρήσεις ἐγένοντο εἰς τό ἐργαστήριον τῆς Ὀττάβας καί ἔδειξαν αὔξησιν τῆς ραδιενεργείας. Ἡ κυβέρνησις τοῦ Καναδᾶ ἀνεκοίνωσεν ὅτι δέν ὑπάρχει ἄμεσος κίνδυνος διά τόν πληθυσμόν.

ΕΚΤΑΚΤΑ ΜΕΤΡΑ ΕΛΗΦΘΗΣΑΝ ΕΙΣ ΠΑΡΙΣΙΟΥΣ ΕΚ ΦΟΒΟΥ ΝΕΑΣ ΑΠΟΠΕΙΡΑΣ ΚΑΤΑ ΤΟΥ ΝΤΕ ΓΚΩΛ

ΠΑΡΙΣΙΟΙ, 24. (Ρώυτερ). — Ἐκτακτα μέτρα ἀσφαλείας ἐλήφθησαν εἰς Παρισίους ἐκ φόβου νέας ἀποπείρας κατά τῆς ζωῆς τοῦ στρατηγοῦ Ντέ Γκώλ. Ἡ ἀστυνομία ἐνίσχυσε τάς περιπολίας εἰς τό κέντρον τῆς πόλεως καί συνέλαβε ὑπόπτους.

Αἱ ἀρχαί ἐπέβαλον αὐστηρούς ἐλέγχους εἰς τά σύνορα καί εἰς τά ἀεροδρόμια. Πολλοί ἀξιωματικοί τοῦ στρατοῦ ἐτέθησαν ὑπό ἐπιτήρησιν.

ΕΛΗΞΑΝ ΑΙ ΜΕΤΑΞΥ ΙΑΠΩΝΙΑΣ ΚΑΙ Η.Π.Α. ΟΙΚΟΝΟΜΙΚΑΙ ΣΥΝΟΜΙΛΙΑΙ ΕΙΣ ΤΟ ΤΟΚΙΟ

ΤΟΚΙΟ, 4. (Γαλλ. Πρ.). — Ἔληξαν σήμερον αἱ οἰκονομικαί συνομιλίαι μεταξύ τῶν ἀντιπροσωπειῶν τῆς Ἰαπωνίας καί τῶν Ἡνωμένων Πολιτειῶν. Εἰς τό ἐκδοθέν ἀνακοινωθέν τονίζεται ἡ ἀνάγκη στενωτέρας συνεργασίας εἰς τόν τομέα τοῦ ἐμπορίου.

Ὁ ἐπικεφαλῆς τῆς ἀμερικανικῆς ἀντιπροσωπείας ἐδήλωσεν ὅτι αἱ συνομιλίαι ὑπῆρξαν καρποφόροι. Ἡ ἐπομένη συνάντησις θά γίνη εἰς Οὐάσιγκτων.

Ο ΓΕΡΟΥΣΙΑΣΤΗΣ κ. ΜΑΝΣΦΗΛΝΤ ΕΚΗΡΥΞΘΗ ΥΠΕΡ ΔΥΟ ΤΑΥΤΟΧΡΟΝΩΝ ΔΙΑΣΚΕΨΕΩΝ ΒΟΛΙΔΟΣΚΟΠΗΣΕΩΣ

ΟΥΑΣΙΓΚΤΩΝ, 4. (Ρώυτερ). — Ὁ ἀρχηγός τῆς πλειοψηφίας τῆς Γερουσίας κ. Μάνσφηλντ ἐτάχθη ὑπέρ τῆς συγκλήσεως δύο ταυτοχρόνων διασκέψεων διά τό πρόβλημα τοῦ Βερολίνου, μιᾶς εἰς Ἀνατολάς καί μιᾶς εἰς Δυσμάς.

Ὁ κ. Μάνσφηλντ προσέθεσεν ὅτι ἡ μία διάσκεψις θά ἀσχοληθῆ μέ τό ζήτημα τῆς Γερμανίας καί ἡ ἄλλη μέ τήν ἀσφάλειαν τῆς Εὐρώπης.

ΔΕΝ ΕΧΕΙ ΛΗΦΘΗ ΑΠΟΦΑΣΙΣ ΥΠΟ ΤΗΣ ΑΓΓΛΙΑΣ ΔΙΑ ΤΟ ΠΡΟΓΡΑΜΜΑ ΑΜΥΝΗΣ «ΜΑΚΡΑΣ ΠΝΟΗΣ»

ΛΟΝΔΙΝΟΝ, 4. (Γαλλ. Πρ.). — Ὁ ὑπουργός τῆς Ἀμύνης ἐδήλωσεν εἰς τήν Βουλήν τῶν Κοινοτήτων ὅτι δέν ἔχει ληφθῆ εἰσέτι ἀπόφασις διά τό πρόγραμμα ἀμύνης μακρᾶς πνοῆς, τό ὁποῖον μελετᾶται ὑπό τῶν ἐπιτελῶν.

Ὁ ὑπουργός προσέθεσεν ὅτι ἡ κυβέρνησις θά ἐξετάση τάς προτάσεις τῶν ἐπιτελῶν ἐντός τῶν προσεχῶν ἑβδομάδων.

ΔΕΝ ΗΥΞΗΘΗ Η ΚΟΜΜΟΥΝΙΣΤΙΚΗ ΔΥΝΑΜΙΣ ΕΝ ΚΥΠΡΩ

ΛΕΥΚΩΣΙΑ, 4. (Ἀθ. Πρ.). — Ὁ κοινοτικός ἡγέτης τῶν Ἑλληνοκυπρίων ἐδήλωσεν ὅτι ἡ δύναμις τοῦ κομμουνιστικοῦ κόμματος ΑΚΕΛ δέν ηὐξήθη κατά τό τελευταῖον ἔτος, παρά τάς προσπαθείας αὐτοῦ.

Αἱ ἐκλογαί διά τάς δημοτικάς ἀρχάς θά διεξαχθοῦν τόν προσεχῆ μῆνα. Τό ΑΚΕΛ δέν θά κατέλθη μέ ἰδικούς του ὑποψηφίους.

Η ΡΩΣΙΑ ΕΙΣ ΤΟ ΠΑΓΚΟΣΜΙΟΝ ΣΥΜΒ. ΕΚΚΛΗΣΙΩΝ

ΝΕΑ ΥΟΡΚΗ, 4. (Ἀθ. Πρ.). — Ἡ Ρωσική Ὀρθόδοξος Ἐκκλησία ἐγένετο δεκτή ὡς μέλος εἰς τό Παγκόσμιον Συμβούλιον τῶν Ἐκκλησιῶν κατά τήν γενικήν συνέλευσιν εἰς Νέον Δελχί. Ἡ ἀπόφασις ἐλήφθη μέ μεγάλην πλειοψηφίαν, παρά τάς ἀντιρρήσεις ὡρισμένων προτεσταντικῶν ἐκκλησιῶν.

Εἰς τήν συνέλευσιν συμμετέχουν ἀντιπρόσωποι ἐκ περισσοτέρων τῶν πενήντα χωρῶν. Ὁ Οἰκουμενικός Πατριάρχης ἀπέστειλε μήνυμα.
